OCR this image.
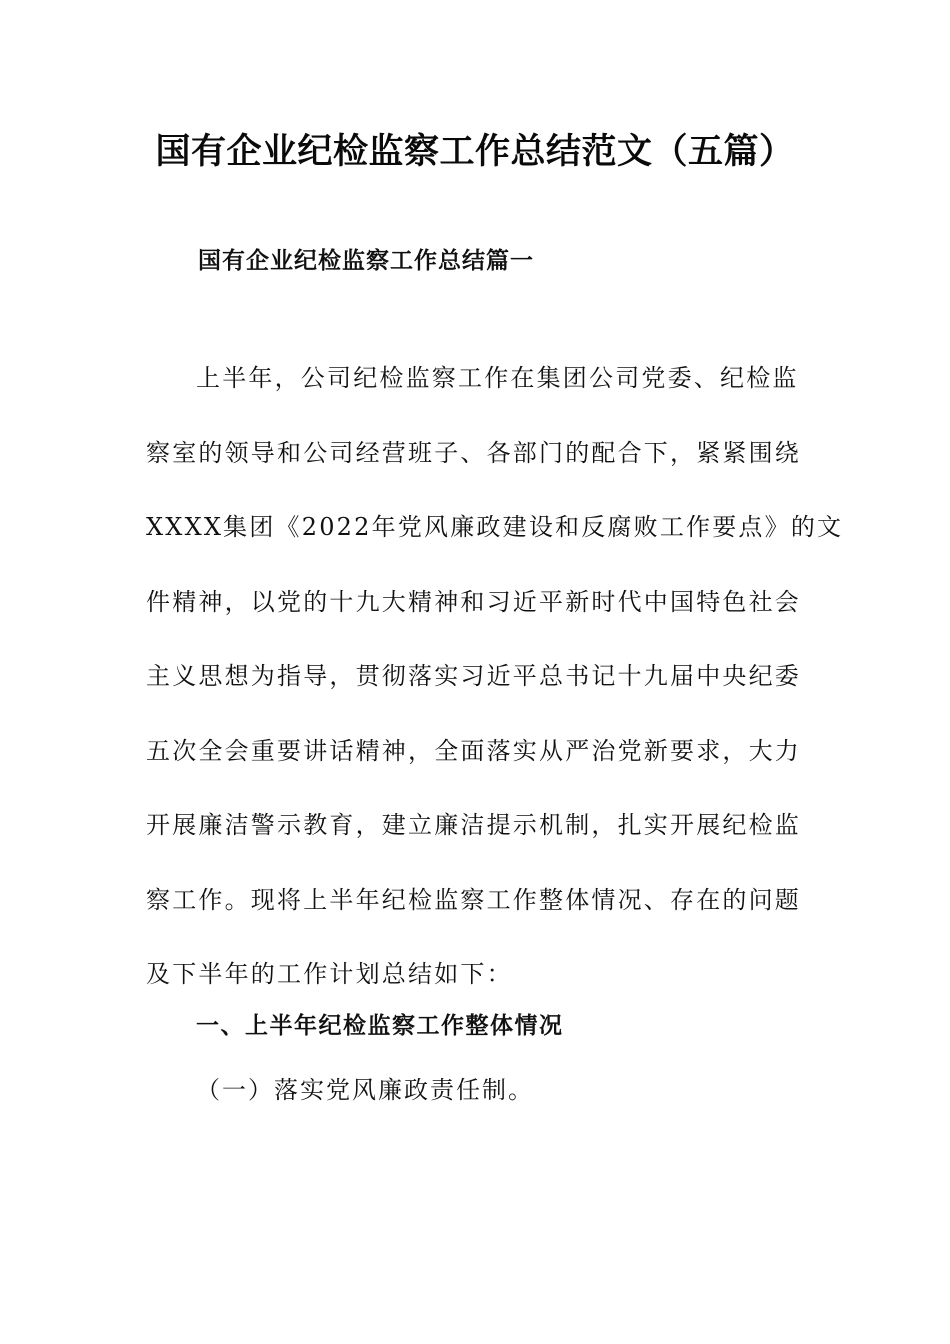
国有企业纪检监察工作总结范文（五篇）
国有企业纪检监察工作总结篇一
上半年，公司纪检监察工作在集团公司党委、纪检监
察室的领导和公司经营班子、各部门的配合下，紧紧围绕
XXXX集团《2022年党风廉政建设和反腐败工作要点》的文
件精神，以党的十九大精神和习近平新时代中国特色社会
主义思想为指导，贯彻落实习近平总书记十九届中央纪委
五次全会重要讲话精神，全面落实从严治党新要求，大力
开展廉洁警示教育，建立廉洁提示机制，扎实开展纪检监
察工作。现将上半年纪检监察工作整体情况、存在的问题
及下半年的工作计划总结如下：
一、上半年纪检监察工作整体情况
（一）落实党风廉政责任制。
